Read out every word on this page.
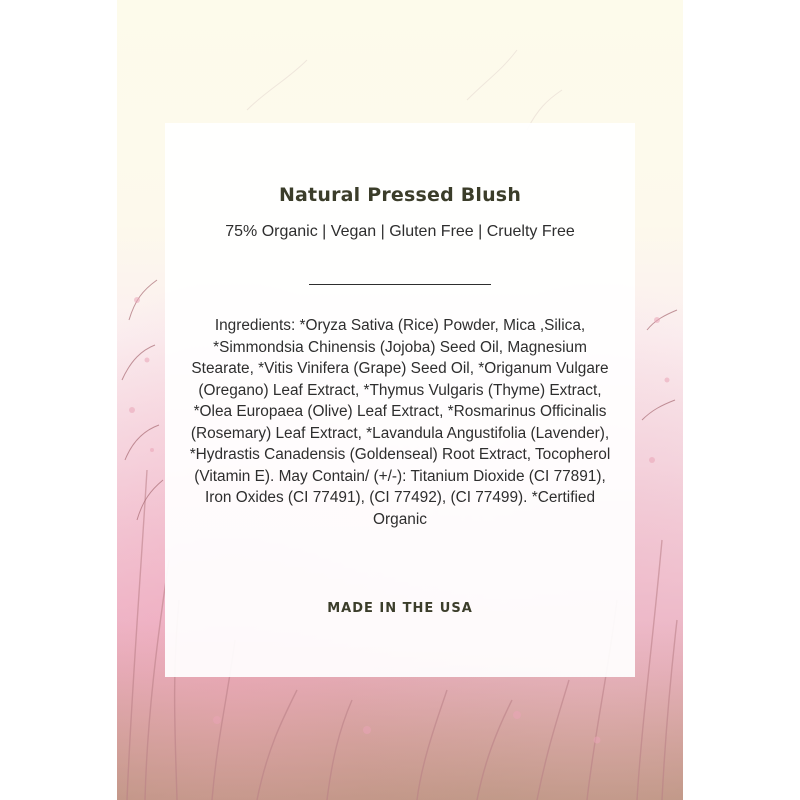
Natural Pressed Blush
75% Organic | Vegan | Gluten Free | Cruelty Free

Ingredients: *Oryza Sativa (Rice) Powder, Mica ,Silica, *Simmondsia Chinensis (Jojoba) Seed Oil, Magnesium Stearate, *Vitis Vinifera (Grape) Seed Oil, *Origanum Vulgare (Oregano) Leaf Extract, *Thymus Vulgaris (Thyme) Extract, *Olea Europaea (Olive) Leaf Extract, *Rosmarinus Officinalis (Rosemary) Leaf Extract, *Lavandula Angustifolia (Lavender), *Hydrastis Canadensis (Goldenseal) Root Extract, Tocopherol (Vitamin E). May Contain/ (+/-): Titanium Dioxide (CI 77891), Iron Oxides (CI 77491), (CI 77492), (CI 77499). *Certified Organic

MADE IN THE USA
